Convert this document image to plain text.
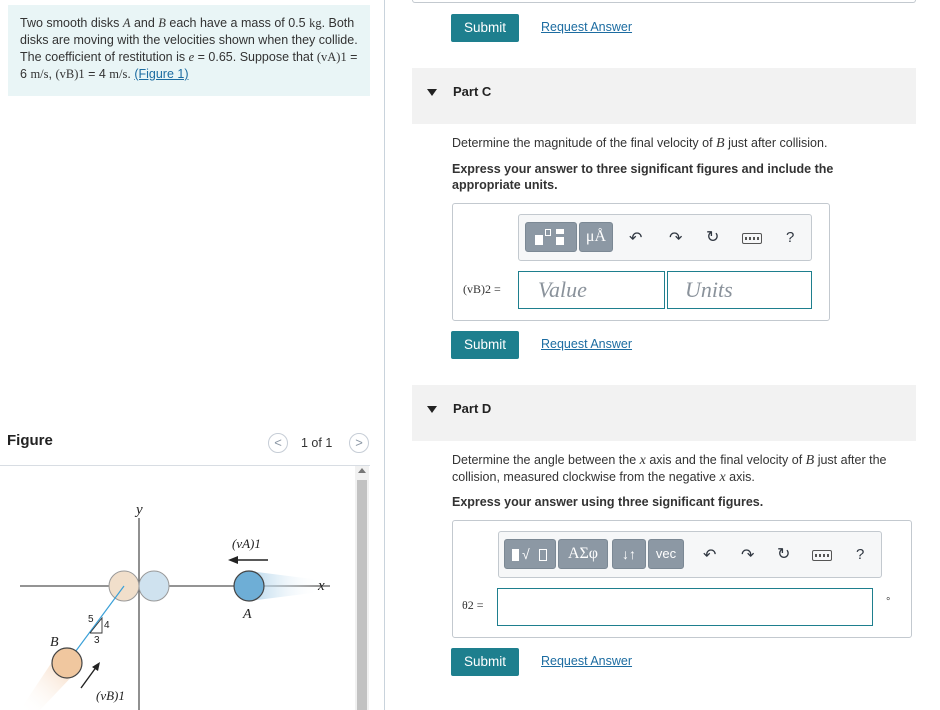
Two smooth disks A and B each have a mass of 0.5 kg. Both disks are moving with the velocities shown when they collide. The coefficient of restitution is e = 0.65. Suppose that (vA)1 = 6 m/s, (vB)1 = 4 m/s. (Figure 1)
Figure	<	1 of 1	>
y
x
(vA)1
A
B
(vB)1
5
4
3
Submit	Request Answer
Part C
Determine the magnitude of the final velocity of B just after collision.
Express your answer to three significant figures and include the appropriate units.
μÅ	↶ ↷ ↻	?
(vB)2 = Value	Units
Submit	Request Answer
Part D
Determine the angle between the x axis and the final velocity of B just after the collision, measured clockwise from the negative x axis.
Express your answer using three significant figures.
√	ΑΣφ	↓↑	vec	↶ ↷ ↻	?
θ2 =	°
Submit	Request Answer
